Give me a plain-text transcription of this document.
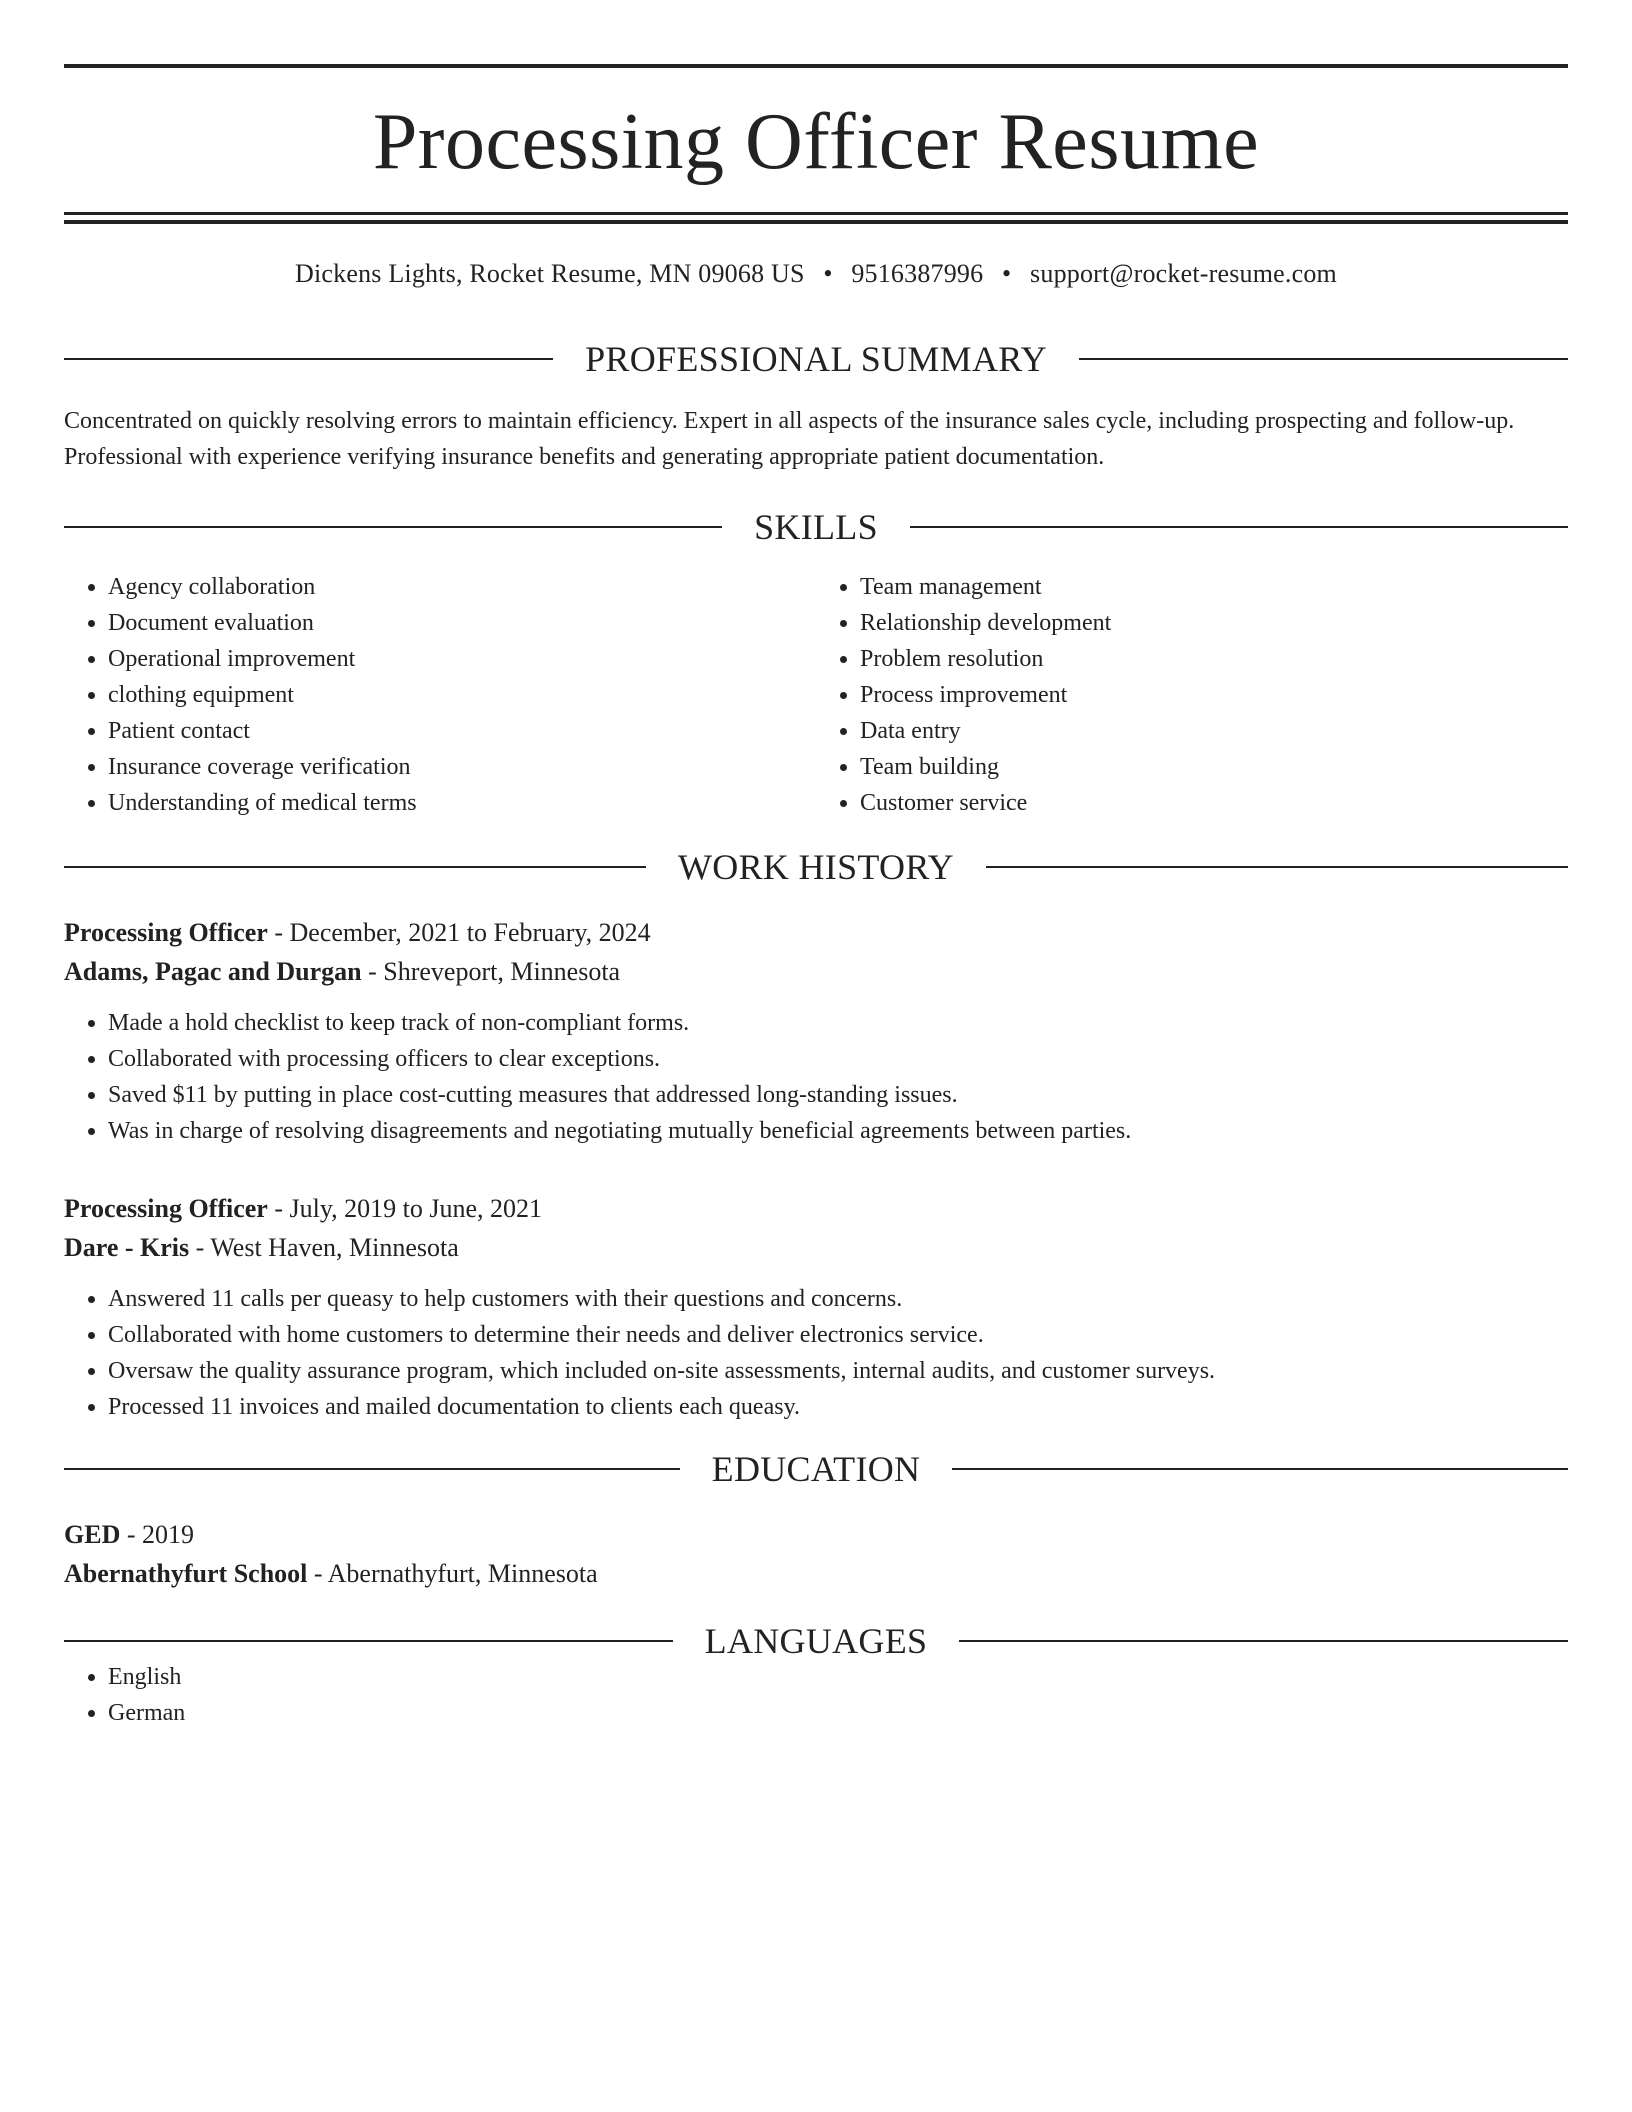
Processing Officer Resume
Dickens Lights, Rocket Resume, MN 09068 US • 9516387996 • support@rocket-resume.com
PROFESSIONAL SUMMARY
Concentrated on quickly resolving errors to maintain efficiency. Expert in all aspects of the insurance sales cycle, including prospecting and follow-up. Professional with experience verifying insurance benefits and generating appropriate patient documentation.
SKILLS
• Agency collaboration
• Document evaluation
• Operational improvement
• clothing equipment
• Patient contact
• Insurance coverage verification
• Understanding of medical terms
• Team management
• Relationship development
• Problem resolution
• Process improvement
• Data entry
• Team building
• Customer service
WORK HISTORY
Processing Officer - December, 2021 to February, 2024
Adams, Pagac and Durgan - Shreveport, Minnesota
• Made a hold checklist to keep track of non-compliant forms.
• Collaborated with processing officers to clear exceptions.
• Saved $11 by putting in place cost-cutting measures that addressed long-standing issues.
• Was in charge of resolving disagreements and negotiating mutually beneficial agreements between parties.
Processing Officer - July, 2019 to June, 2021
Dare - Kris - West Haven, Minnesota
• Answered 11 calls per queasy to help customers with their questions and concerns.
• Collaborated with home customers to determine their needs and deliver electronics service.
• Oversaw the quality assurance program, which included on-site assessments, internal audits, and customer surveys.
• Processed 11 invoices and mailed documentation to clients each queasy.
EDUCATION
GED - 2019
Abernathyfurt School - Abernathyfurt, Minnesota
LANGUAGES
• English
• German
